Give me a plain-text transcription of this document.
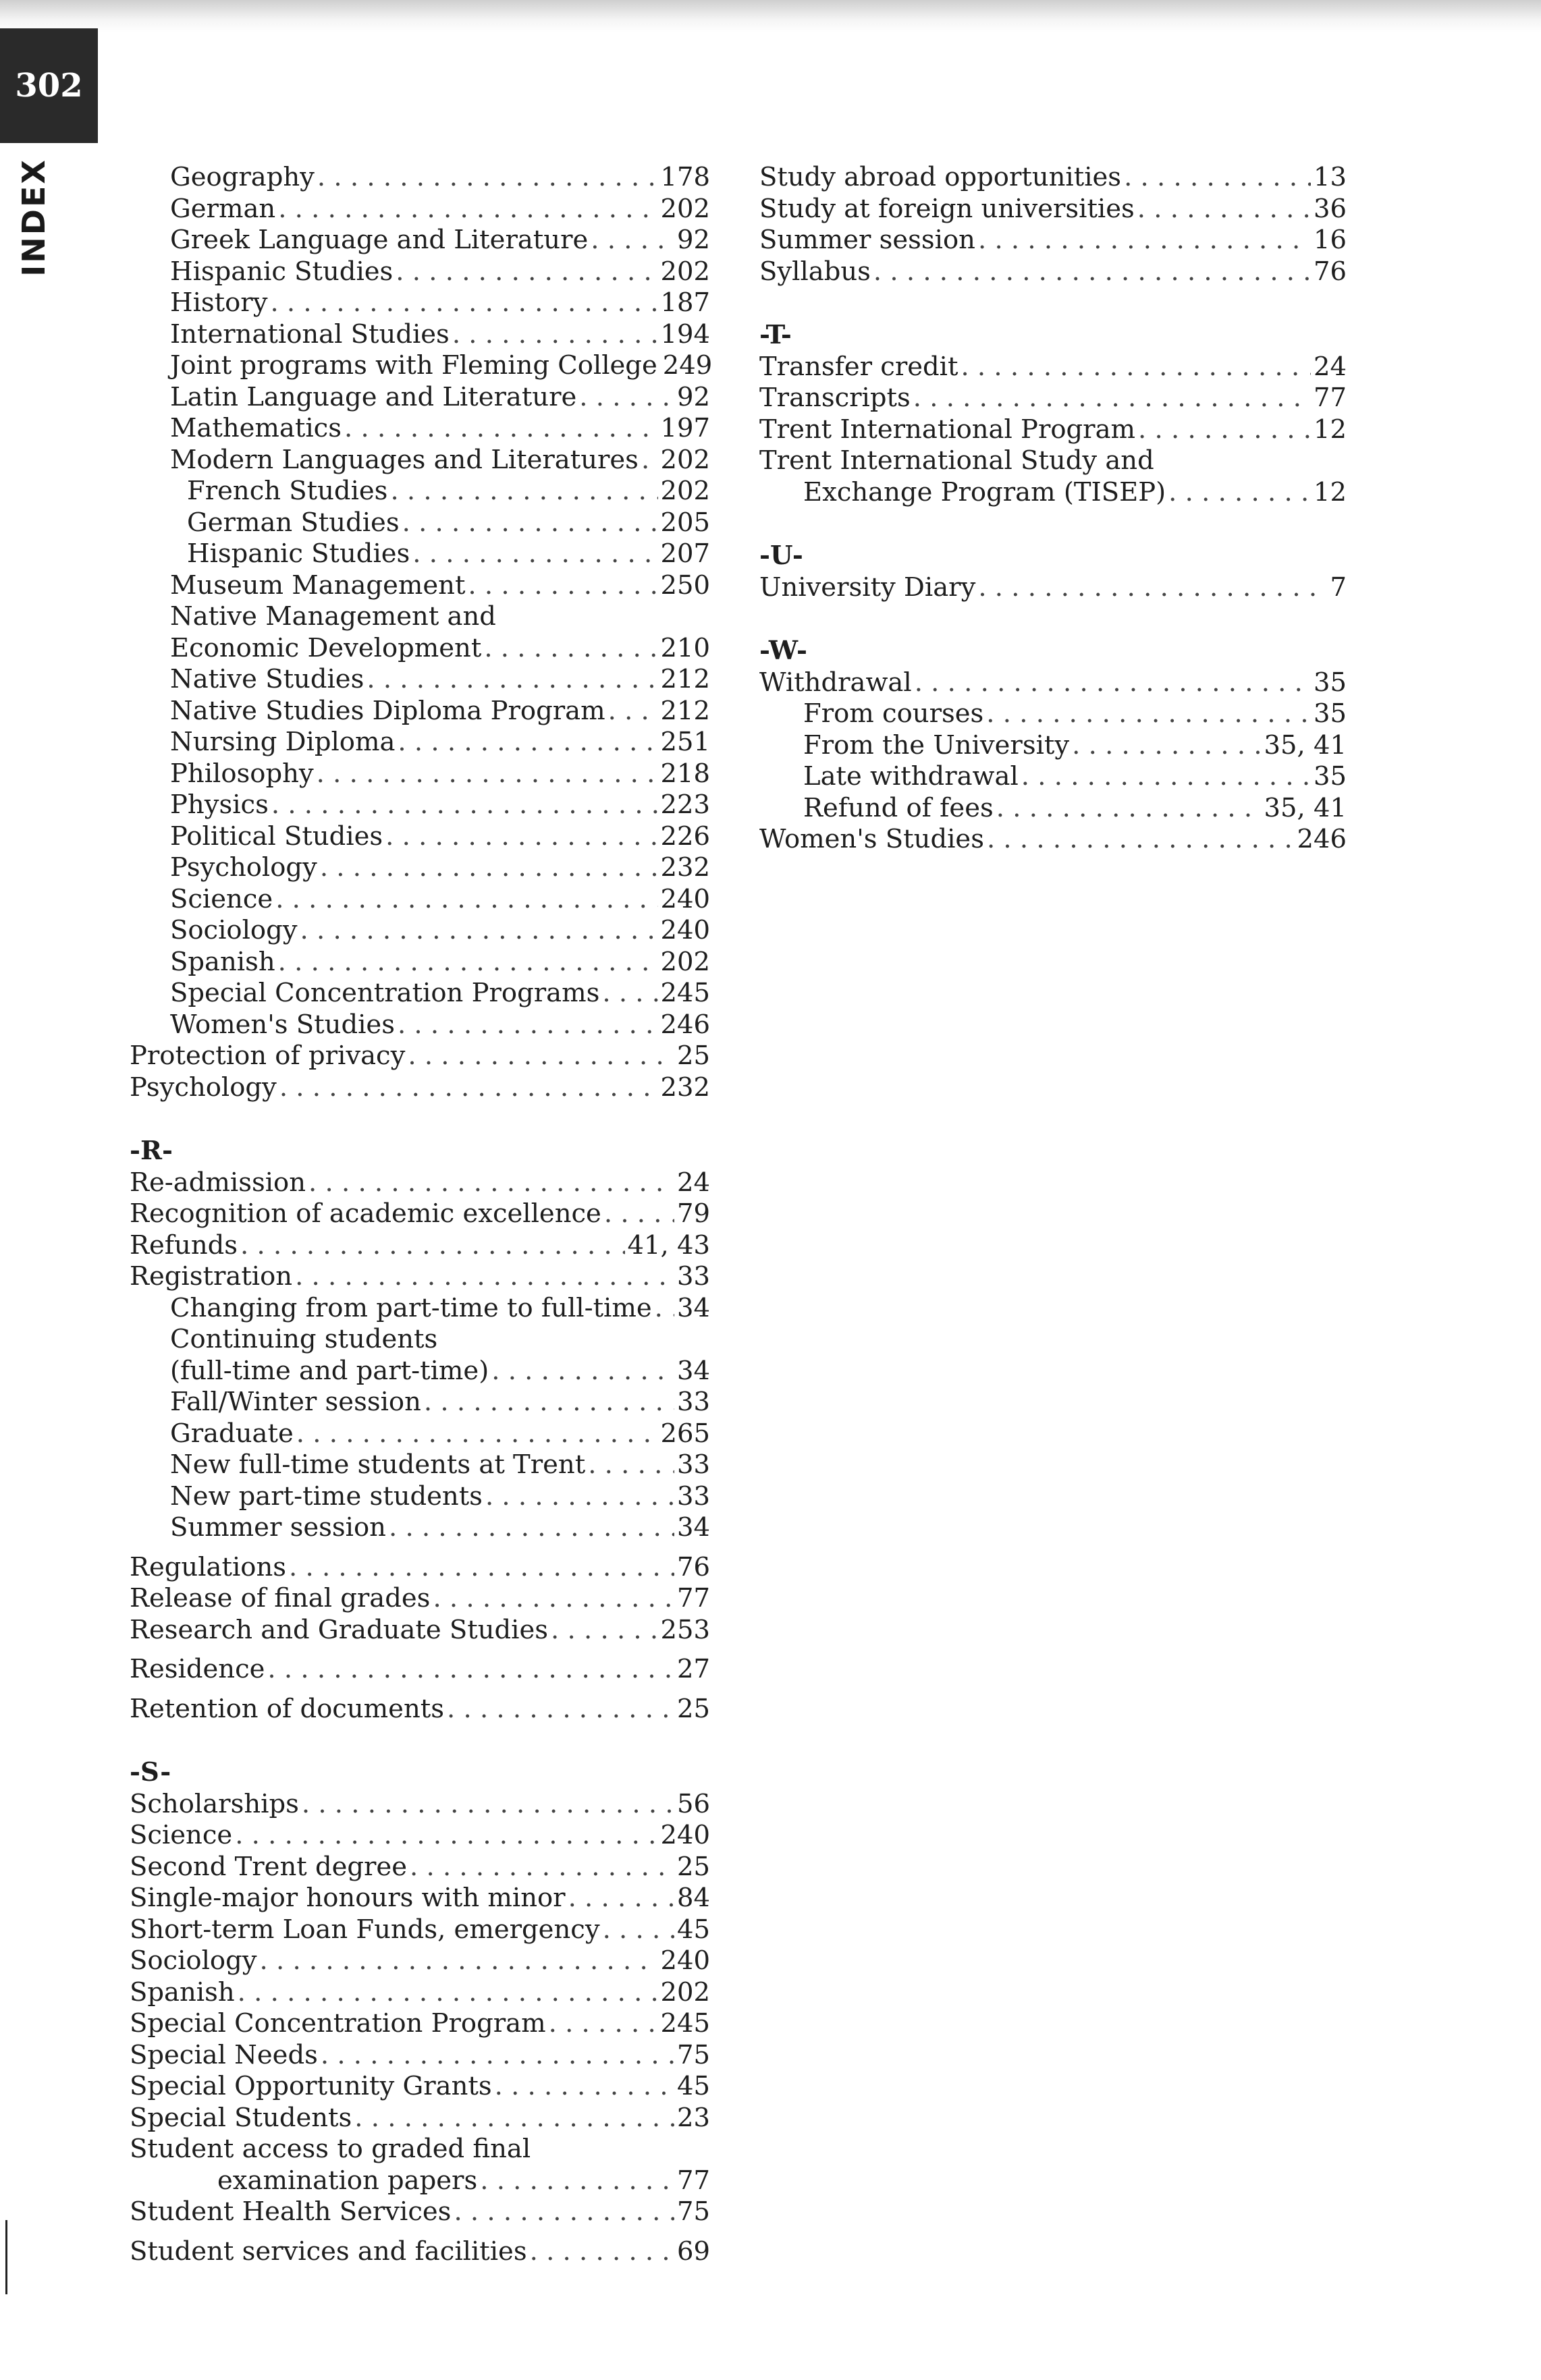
302
INDEX	Geography . . .	178
German . . .	202
Greek Language and Literature . . .	92
Hispanic Studies . . .	202
History . . .	187
International Studies . . .	194
Joint programs with Fleming College 249
Latin Language and Literature . . .	92
Mathematics . . .	197
Modern Languages and Literatures . . . 202
French Studies . . .	202
German Studies . . .	205
Hispanic Studies . . .	207
Museum Management . . .	250
Native Management and
Economic Development . . .	210
Native Studies . . .	212
Native Studies Diploma Program . . . 212
Nursing Diploma . . .	251
Philosophy . . .	218
Physics . . .	223
Political Studies . . .	226
Psychology . . .	232
Science . . .	240
Sociology . . .	240
Spanish . . .	202
Special Concentration Programs . . . 245
Women's Studies . . .	246
Protection of privacy . . .	25
Psychology . . .	232
-R-
Re-admission . . .	24
Recognition of academic excellence . . .	79
Refunds . . .	41, 43
Registration . . .	33
Changing from part-time to full-time . . . 34
Continuing students
(full-time and part-time) . . .	34
Fall/Winter session . . .	33
Graduate . . .	265
New full-time students at Trent . . .	33
New part-time students . . .	33
Summer session . . .	34
Regulations . . .	76
Release of final grades . . .	77
Research and Graduate Studies . . .	253
Residence . . .	27
Retention of documents . . .	25
-S-
Scholarships . . .	56
Science . . .	240
Second Trent degree . . .	25
Single-major honours with minor . . .	84
Short-term Loan Funds, emergency . . .	45
Sociology . . .	240
Spanish . . .	202
Special Concentration Program . . .	245
Special Needs . . .	75
Special Opportunity Grants . . .	45
Special Students . . .	23
Student access to graded final
examination papers . . .	77
Student Health Services . . .	75
Student services and facilities . . .	69
Study abroad opportunities . . .	13
Study at foreign universities . . .	36
Summer session . . .	16
Syllabus . . .	76
-T-
Transfer credit . . .	24
Transcripts . . .	77
Trent International Program . . .	12
Trent International Study and
Exchange Program (TISEP) . . .	12
-U-
University Diary . . .	7
-W-
Withdrawal . . .	35
From courses . . .	35
From the University . . .	35, 41
Late withdrawal . . .	35
Refund of fees . . .	35, 41
Women's Studies . . .	246
